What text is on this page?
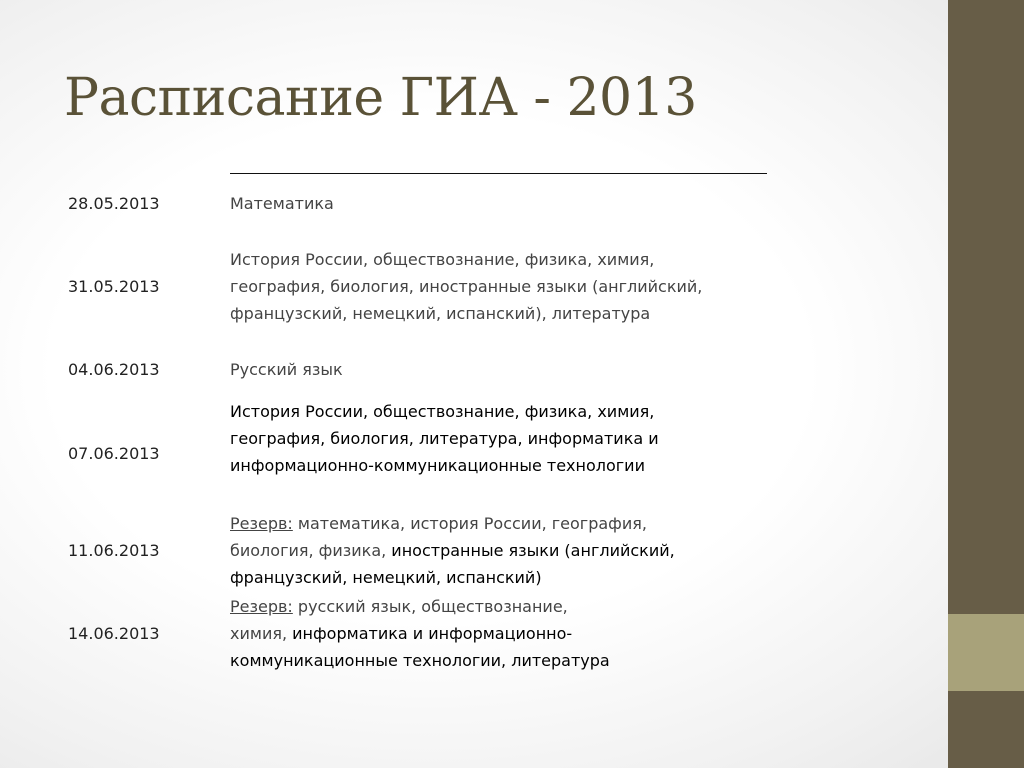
Расписание ГИА - 2013
28.05.2013	Математика
31.05.2013
История России, обществознание, физика, химия,
география, биология, иностранные языки (английский,
французский, немецкий, испанский), литература
04.06.2013	Русский язык
07.06.2013
История России, обществознание, физика, химия,
география, биология, литература, информатика и
информационно-коммуникационные технологии
11.06.2013
Резерв: математика, история России, география,
биология, физика, иностранные языки (английский,
французский, немецкий, испанский)
14.06.2013
Резерв: русский язык, обществознание,
химия, информатика и информационно-
коммуникационные технологии, литература
